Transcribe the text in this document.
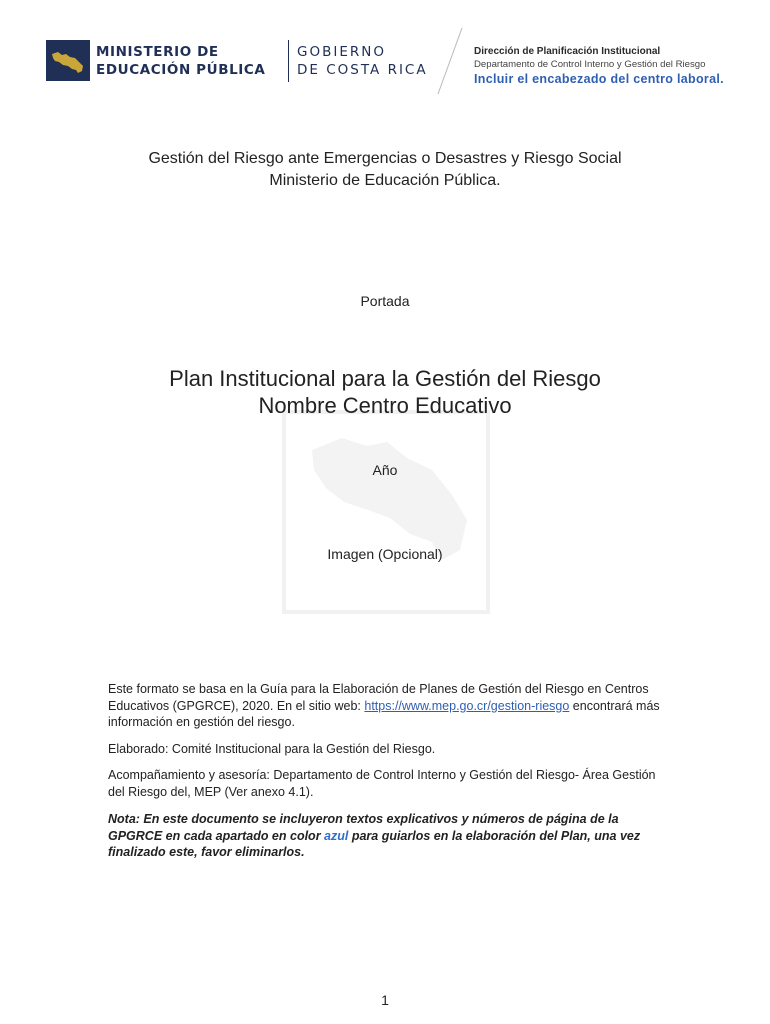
MINISTERIO DE
EDUCACIÓN PÚBLICA
GOBIERNO
DE COSTA RICA
Dirección de Planificación Institucional
Departamento de Control Interno y Gestión del Riesgo
Incluir el encabezado del centro laboral.
Gestión del Riesgo ante Emergencias o Desastres y Riesgo Social
Ministerio de Educación Pública.
Portada
Plan Institucional para la Gestión del Riesgo
Nombre Centro Educativo
Año
Imagen (Opcional)
Este formato se basa en la Guía para la Elaboración de Planes de Gestión del Riesgo en Centros Educativos (GPGRCE), 2020. En el sitio web: https://www.mep.go.cr/gestion-riesgo encontrará más información en gestión del riesgo.
Elaborado: Comité Institucional para la Gestión del Riesgo.
Acompañamiento y asesoría: Departamento de Control Interno y Gestión del Riesgo- Área Gestión del Riesgo del, MEP (Ver anexo 4.1).
Nota: En este documento se incluyeron textos explicativos y números de página de la GPGRCE en cada apartado en color azul para guiarlos en la elaboración del Plan, una vez finalizado este, favor eliminarlos.
1
